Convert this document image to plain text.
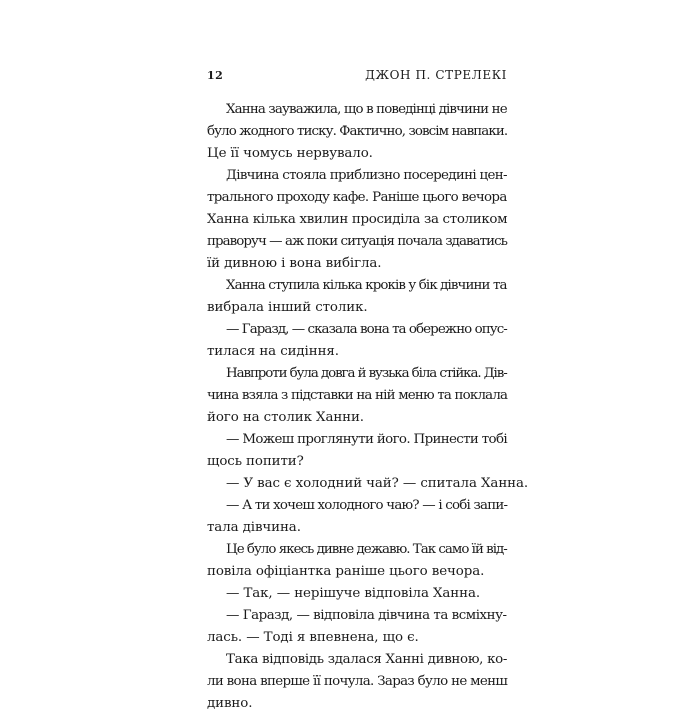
12	ДЖОН П. СТРЕЛЕКІ
Ханна зауважила, що в поведінці дівчини не
було жодного тиску. Фактично, зовсім навпаки.
Це її чомусь нервувало.
Дівчина стояла приблизно посередині цен-
трального проходу кафе. Раніше цього вечора
Ханна кілька хвилин просиділа за столиком
праворуч — аж поки ситуація почала здаватись
їй дивною і вона вибігла.
Ханна ступила кілька кроків у бік дівчини та
вибрала інший столик.
— Гаразд, — сказала вона та обережно опус-
тилася на сидіння.
Навпроти була довга й вузька біла стійка. Дів-
чина взяла з підставки на ній меню та поклала
його на столик Ханни.
— Можеш проглянути його. Принести тобі
щось попити?
— У вас є холодний чай? — спитала Ханна.
— А ти хочеш холодного чаю? — і собі запи-
тала дівчина.
Це було якесь дивне дежавю. Так само їй від-
повіла офіціантка раніше цього вечора.
— Так, — нерішуче відповіла Ханна.
— Гаразд, — відповіла дівчина та всміхну-
лась. — Тоді я впевнена, що є.
Така відповідь здалася Ханні дивною, ко-
ли вона вперше її почула. Зараз було не менш
дивно.
